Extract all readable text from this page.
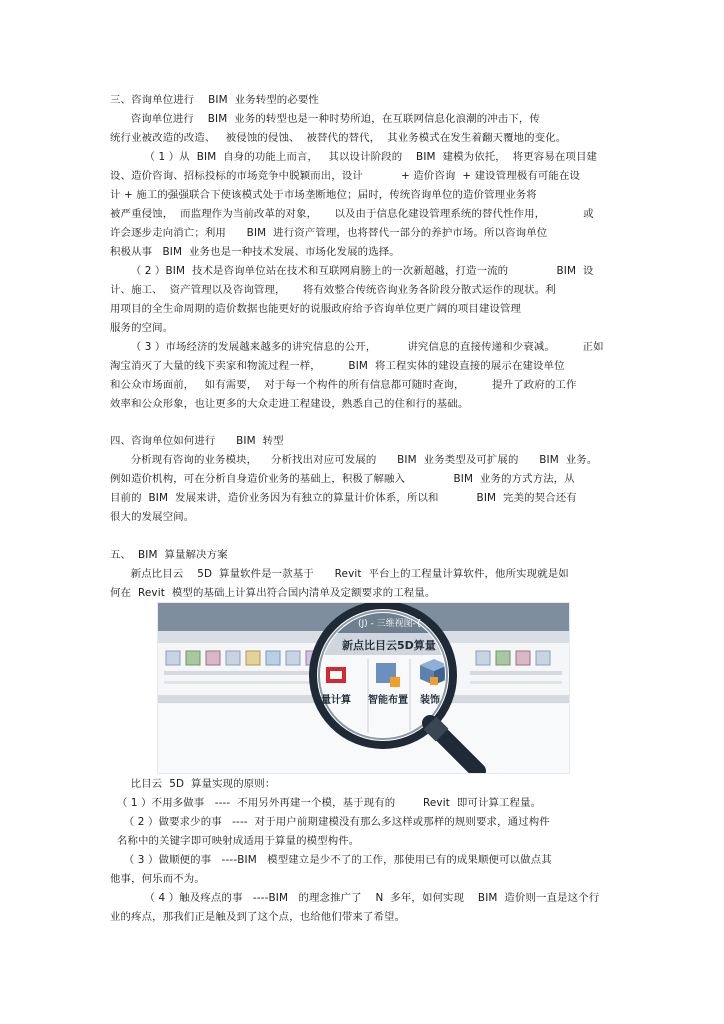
三、咨询单位进行    BIM  业务转型的必要性
咨询单位进行    BIM  业务的转型也是一种时势所迫，在互联网信息化浪潮的冲击下，传
统行业被改造的改造、   被侵蚀的侵蚀、  被替代的替代，  其业务模式在发生着翻天覆地的变化。
（ 1 ）从  BIM  自身的功能上而言，   其以设计阶段的    BIM  建模为依托，  将更容易在项目建
设、造价咨询、招标投标的市场竞争中脱颖而出，设计           + 造价咨询  + 建设管理极有可能在设
计 + 施工的强强联合下使该模式处于市场垄断地位；届时，传统咨询单位的造价管理业务将
被严重侵蚀，  而监理作为当前改革的对象，     以及由于信息化建设管理系统的替代性作用，           或
许会逐步走向消亡；利用      BIM  进行资产管理，也将替代一部分的养护市场。所以咨询单位
积极从事   BIM  业务也是一种技术发展、市场化发展的选择。
（ 2 ）BIM  技术是咨询单位站在技术和互联网肩膀上的一次新超越，打造一流的              BIM  设
计、施工、  资产管理以及咨询管理，     将有效整合传统咨询业务各阶段分散式运作的现状。利
用项目的全生命周期的造价数据也能更好的说服政府给予咨询单位更广阔的项目建设管理
服务的空间。
（ 3 ）市场经济的发展越来越多的讲究信息的公开，         讲究信息的直接传递和少衰减。        正如
淘宝消灭了大量的线下卖家和物流过程一样，        BIM  将工程实体的建设直接的展示在建设单位
和公众市场面前，   如有需要，  对于每一个构件的所有信息都可随时查询，        提升了政府的工作
效率和公众形象，也让更多的大众走进工程建设，熟悉自己的住和行的基础。
四、咨询单位如何进行      BIM  转型
分析现有咨询的业务模块，    分析找出对应可发展的      BIM  业务类型及可扩展的      BIM  业务。
例如造价机构，可在分析自身造价业务的基础上，积极了解融入              BIM  业务的方式方法，从
目前的  BIM  发展来讲，造价业务因为有独立的算量计价体系，所以和           BIM  完美的契合还有
很大的发展空间。
五、  BIM  算量解决方案
新点比目云    5D  算量软件是一款基于      Revit  平台上的工程量计算软件，他所实现就是如
何在  Revit  模型的基础上计算出符合国内清单及定额要求的工程量。
(J) - 三维视图-{
新点比目云5D算量
量计算 智能布置 装饰
比目云  5D  算量实现的原则：
（ 1 ）不用多做事   ----  不用另外再建一个模，基于现有的        Revit  即可计算工程量。
（ 2 ）做要求少的事   ----  对于用户前期建模没有那么多这样或那样的规则要求，通过构件
名称中的关键字即可映射成适用于算量的模型构件。
（ 3 ）做顺便的事   ----BIM   模型建立是少不了的工作，那使用已有的成果顺便可以做点其
他事，何乐而不为。
（ 4 ）触及疼点的事   ----BIM   的理念推广了    N  多年，如何实现    BIM  造价则一直是这个行
业的疼点，那我们正是触及到了这个点，也给他们带来了希望。
